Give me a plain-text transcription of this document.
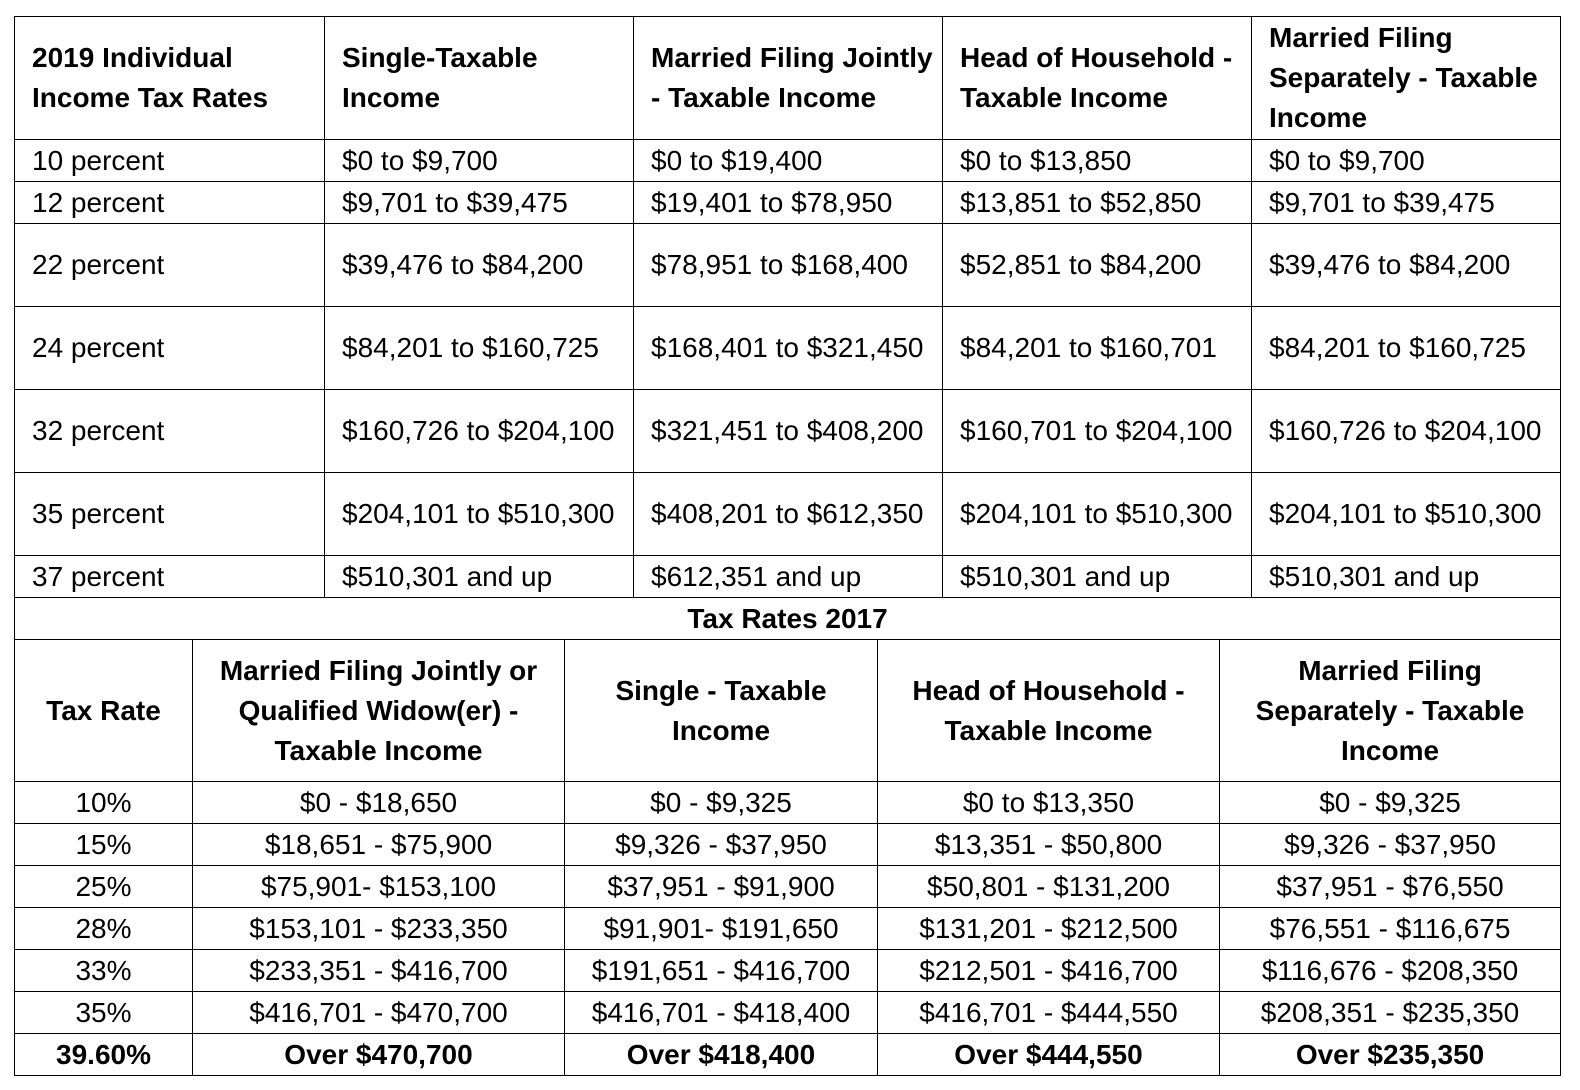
2019 Individual Income Tax Rates	Single-Taxable Income	Married Filing Jointly - Taxable Income	Head of Household - Taxable Income	Married Filing Separately - Taxable Income
10 percent	$0 to $9,700	$0 to $19,400	$0 to $13,850	$0 to $9,700
12 percent	$9,701 to $39,475	$19,401 to $78,950	$13,851 to $52,850	$9,701 to $39,475
22 percent	$39,476 to $84,200	$78,951 to $168,400	$52,851 to $84,200	$39,476 to $84,200
24 percent	$84,201 to $160,725	$168,401 to $321,450	$84,201 to $160,701	$84,201 to $160,725
32 percent	$160,726 to $204,100	$321,451 to $408,200	$160,701 to $204,100	$160,726 to $204,100
35 percent	$204,101 to $510,300	$408,201 to $612,350	$204,101 to $510,300	$204,101 to $510,300
37 percent	$510,301 and up	$612,351 and up	$510,301 and up	$510,301 and up
Tax Rates 2017				
Tax Rate	Married Filing Jointly or Qualified Widow(er) - Taxable Income	Single - Taxable Income	Head of Household - Taxable Income	Married Filing Separately - Taxable Income
10%	$0 - $18,650	$0 - $9,325	$0 to $13,350	$0 - $9,325
15%	$18,651 - $75,900	$9,326 - $37,950	$13,351 - $50,800	$9,326 - $37,950
25%	$75,901- $153,100	$37,951 - $91,900	$50,801 - $131,200	$37,951 - $76,550
28%	$153,101 - $233,350	$91,901- $191,650	$131,201 - $212,500	$76,551 - $116,675
33%	$233,351 - $416,700	$191,651 - $416,700	$212,501 - $416,700	$116,676 - $208,350
35%	$416,701 - $470,700	$416,701 - $418,400	$416,701 - $444,550	$208,351 - $235,350
39.60%	Over $470,700	Over $418,400	Over $444,550	Over $235,350
